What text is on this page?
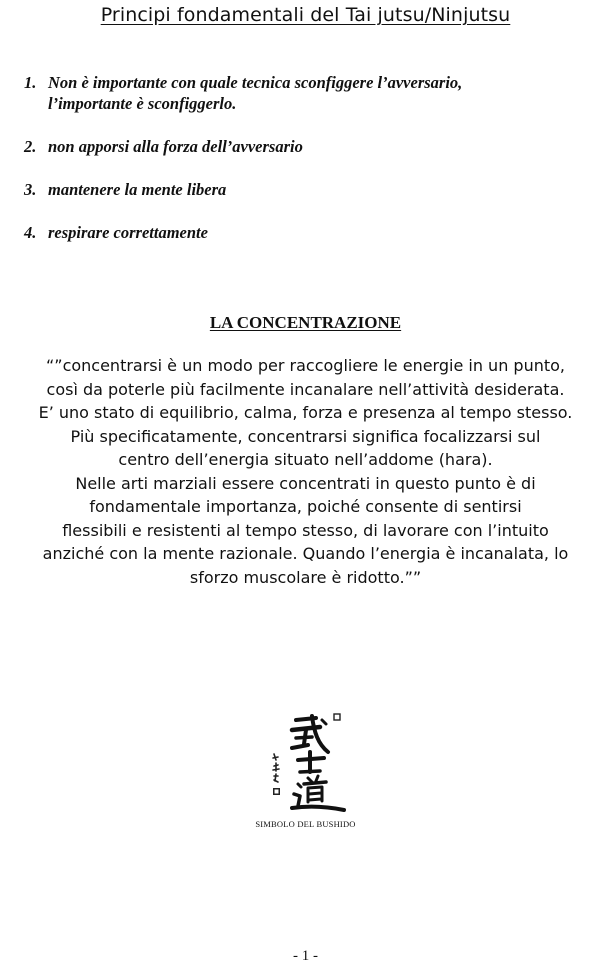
Principi fondamentali del Tai jutsu/Ninjutsu
1. Non è importante con quale tecnica sconfiggere l’avversario,
l’importante è sconfiggerlo.
2. non apporsi alla forza dell’avversario
3. mantenere la mente libera
4. respirare correttamente
LA CONCENTRAZIONE
“”concentrarsi è un modo per raccogliere le energie in un punto,
così da poterle più facilmente incanalare nell’attività desiderata.
E’ uno stato di equilibrio, calma, forza e presenza al tempo stesso.
Più specificatamente, concentrarsi significa focalizzarsi sul
centro dell’energia situato nell’addome (hara).
Nelle arti marziali essere concentrati in questo punto è di
fondamentale importanza, poiché consente di sentirsi
flessibili e resistenti al tempo stesso, di lavorare con l’intuito
anziché con la mente razionale. Quando l’energia è incanalata, lo
sforzo muscolare è ridotto.””
SIMBOLO DEL BUSHIDO
- 1 -
